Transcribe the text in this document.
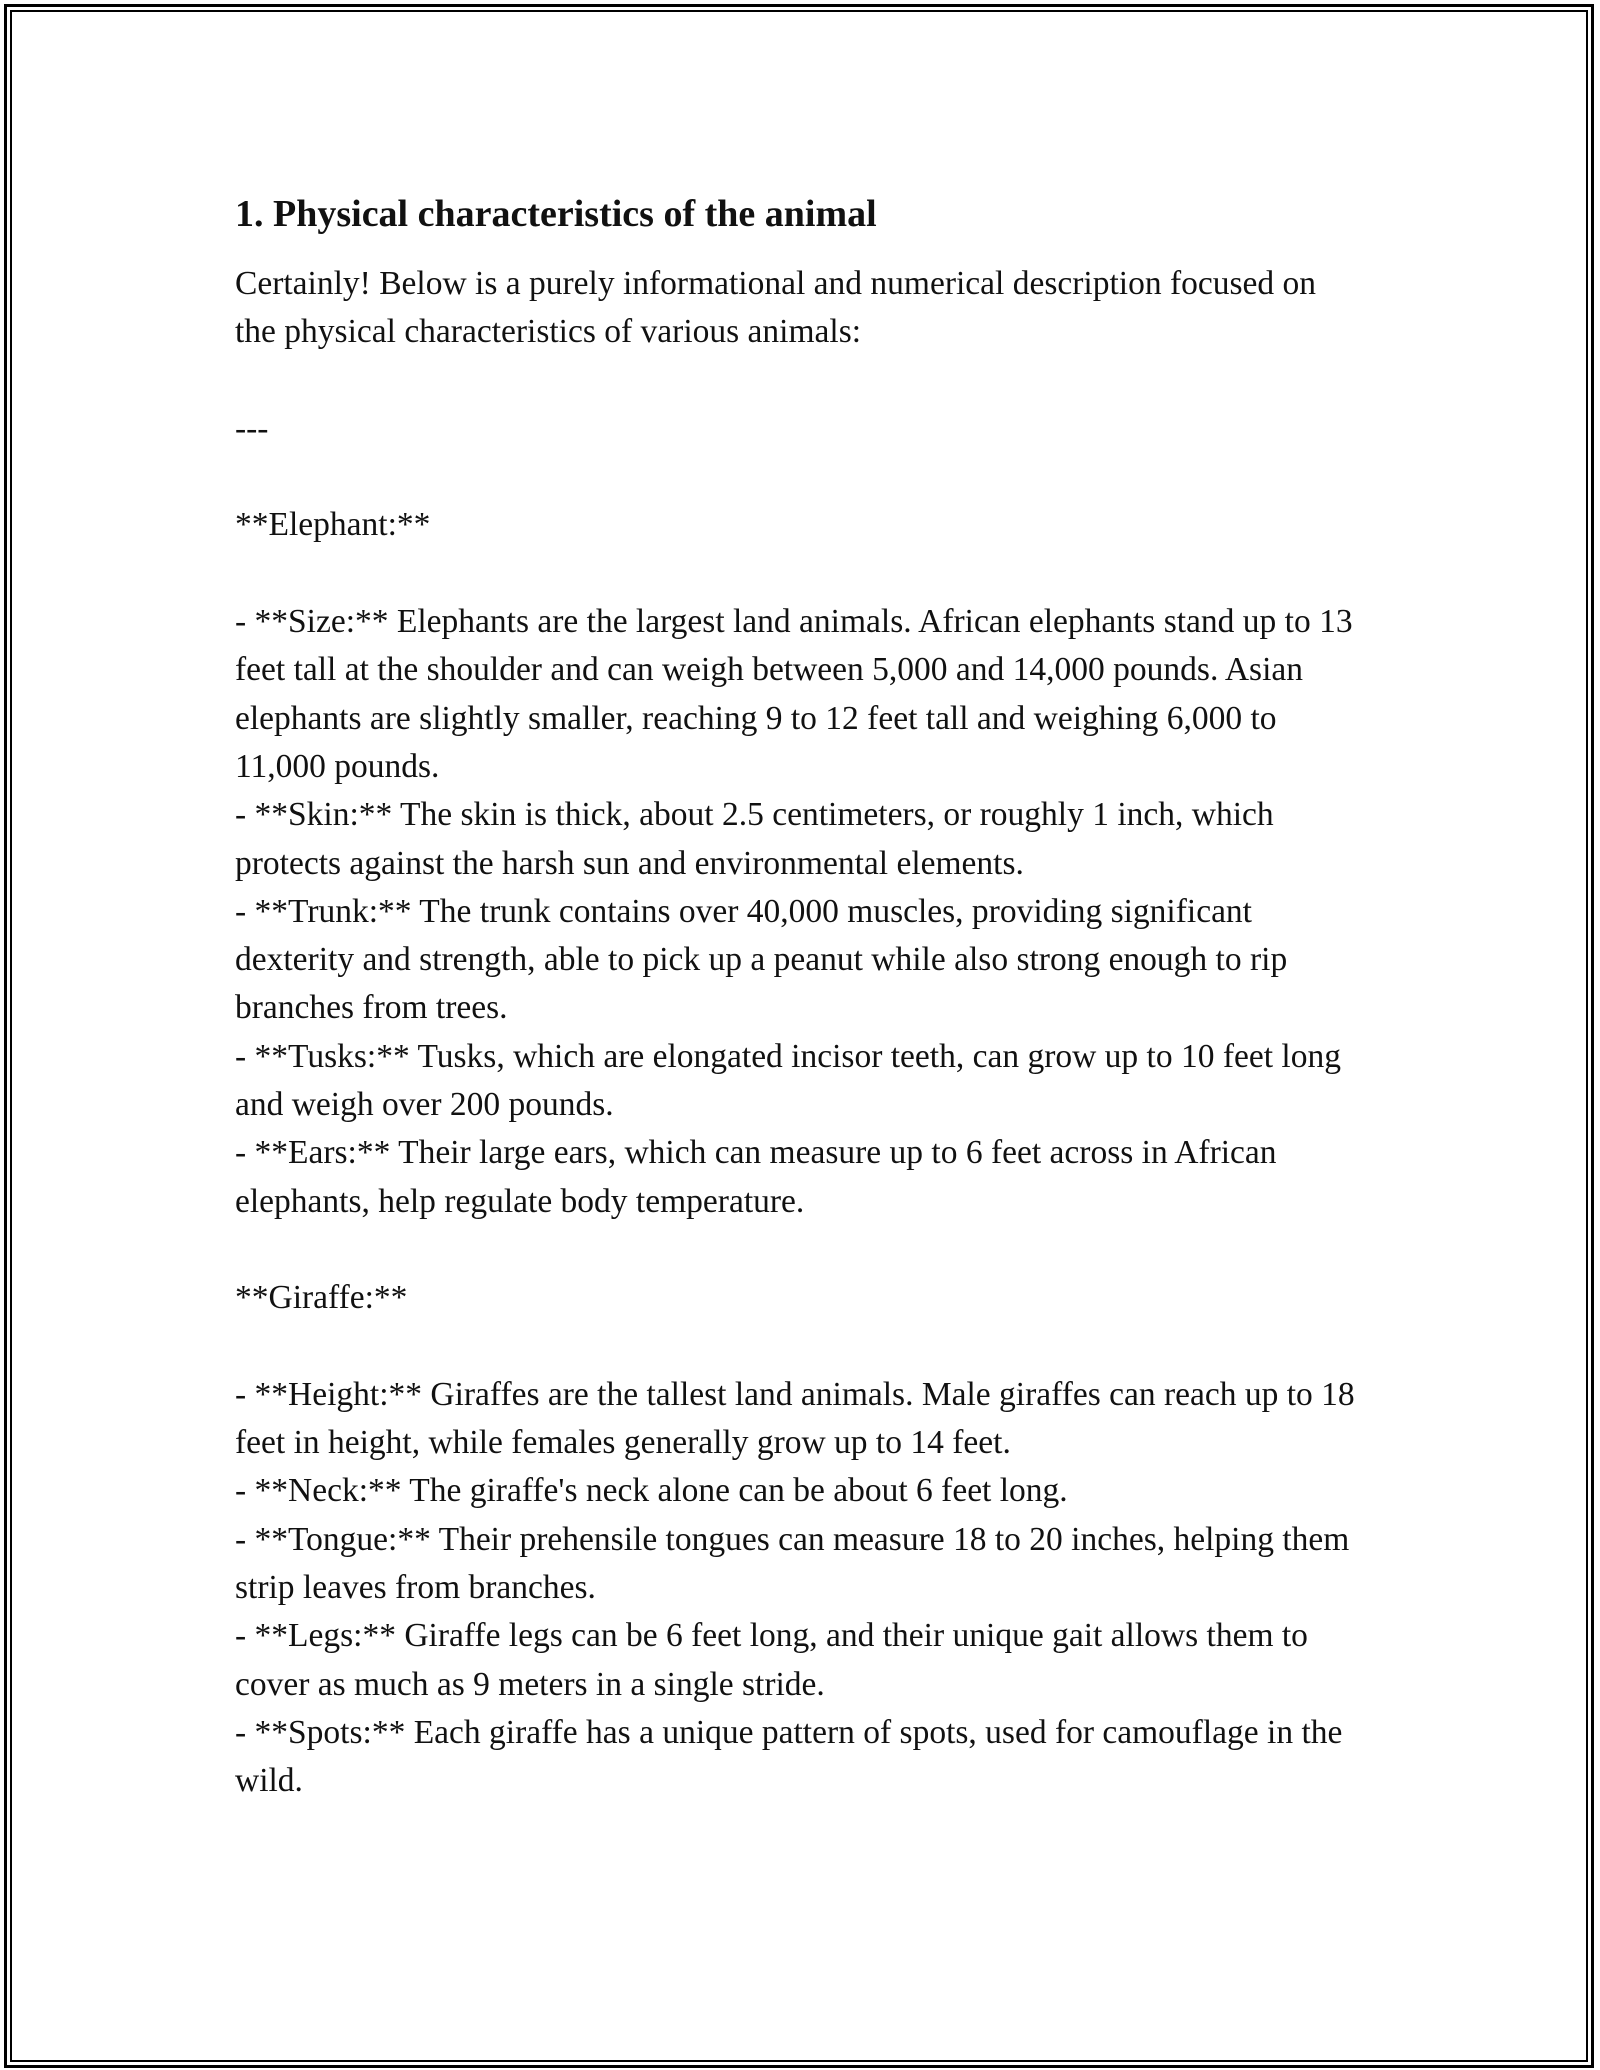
1. Physical characteristics of the animal

Certainly! Below is a purely informational and numerical description focused on the physical characteristics of various animals:

---

**Elephant:**

- **Size:** Elephants are the largest land animals. African elephants stand up to 13 feet tall at the shoulder and can weigh between 5,000 and 14,000 pounds. Asian elephants are slightly smaller, reaching 9 to 12 feet tall and weighing 6,000 to 11,000 pounds.

- **Skin:** The skin is thick, about 2.5 centimeters, or roughly 1 inch, which protects against the harsh sun and environmental elements.

- **Trunk:** The trunk contains over 40,000 muscles, providing significant dexterity and strength, able to pick up a peanut while also strong enough to rip branches from trees.

- **Tusks:** Tusks, which are elongated incisor teeth, can grow up to 10 feet long and weigh over 200 pounds.

- **Ears:** Their large ears, which can measure up to 6 feet across in African elephants, help regulate body temperature.

**Giraffe:**

- **Height:** Giraffes are the tallest land animals. Male giraffes can reach up to 18 feet in height, while females generally grow up to 14 feet.

- **Neck:** The giraffe's neck alone can be about 6 feet long.

- **Tongue:** Their prehensile tongues can measure 18 to 20 inches, helping them strip leaves from branches.

- **Legs:** Giraffe legs can be 6 feet long, and their unique gait allows them to cover as much as 9 meters in a single stride.

- **Spots:** Each giraffe has a unique pattern of spots, used for camouflage in the wild.
